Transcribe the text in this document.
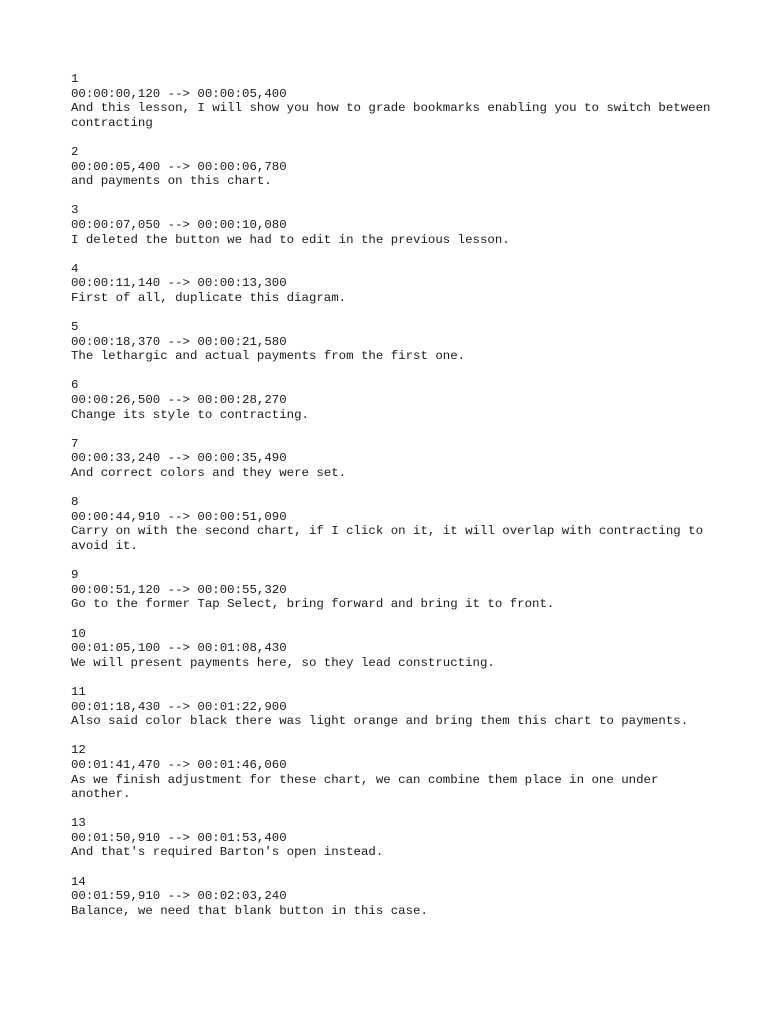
1
00:00:00,120 --> 00:00:05,400
And this lesson, I will show you how to grade bookmarks enabling you to switch between contracting
2
00:00:05,400 --> 00:00:06,780
and payments on this chart.
3
00:00:07,050 --> 00:00:10,080
I deleted the button we had to edit in the previous lesson.
4
00:00:11,140 --> 00:00:13,300
First of all, duplicate this diagram.
5
00:00:18,370 --> 00:00:21,580
The lethargic and actual payments from the first one.
6
00:00:26,500 --> 00:00:28,270
Change its style to contracting.
7
00:00:33,240 --> 00:00:35,490
And correct colors and they were set.
8
00:00:44,910 --> 00:00:51,090
Carry on with the second chart, if I click on it, it will overlap with contracting to avoid it.
9
00:00:51,120 --> 00:00:55,320
Go to the former Tap Select, bring forward and bring it to front.
10
00:01:05,100 --> 00:01:08,430
We will present payments here, so they lead constructing.
11
00:01:18,430 --> 00:01:22,900
Also said color black there was light orange and bring them this chart to payments.
12
00:01:41,470 --> 00:01:46,060
As we finish adjustment for these chart, we can combine them place in one under another.
13
00:01:50,910 --> 00:01:53,400
And that's required Barton's open instead.
14
00:01:59,910 --> 00:02:03,240
Balance, we need that blank button in this case.
